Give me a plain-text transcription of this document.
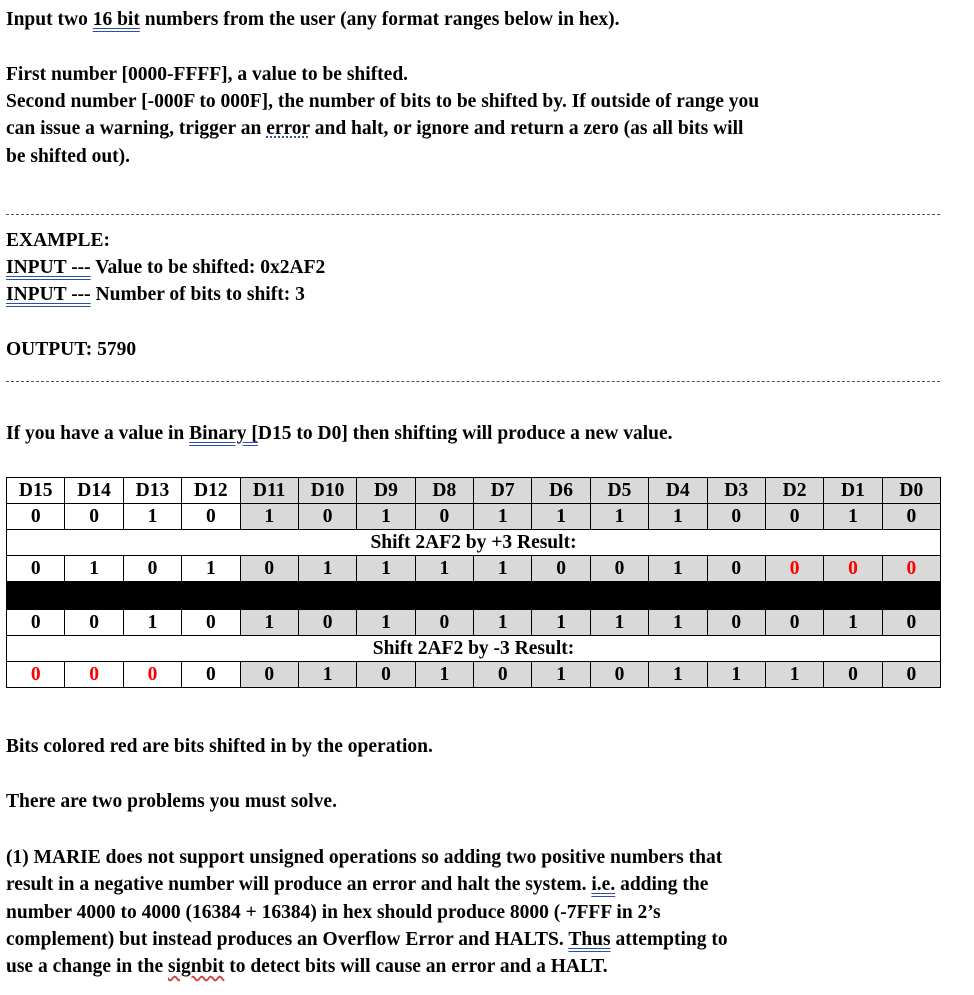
Input two 16 bit numbers from the user (any format ranges below in hex).
First number [0000-FFFF], a value to be shifted.
Second number [-000F to 000F], the number of bits to be shifted by. If outside of range you
can issue a warning, trigger an error and halt, or ignore and return a zero (as all bits will
be shifted out).
EXAMPLE:
INPUT --- Value to be shifted: 0x2AF2
INPUT --- Number of bits to shift: 3
OUTPUT: 5790
If you have a value in Binary [D15 to D0] then shifting will produce a new value.
D15	D14	D13	D12	D11	D10	D9	D8	D7	D6	D5	D4	D3	D2	D1	D0
0	0	1	0	1	0	1	0	1	1	1	1	0	0	1	0
Shift 2AF2 by +3 Result:															
0	1	0	1	0	1	1	1	1	0	0	1	0	0	0	0

0	0	1	0	1	0	1	0	1	1	1	1	0	0	1	0
Shift 2AF2 by -3 Result:															
0	0	0	0	0	1	0	1	0	1	0	1	1	1	0	0
Bits colored red are bits shifted in by the operation.
There are two problems you must solve.
(1) MARIE does not support unsigned operations so adding two positive numbers that
result in a negative number will produce an error and halt the system. i.e. adding the
number 4000 to 4000 (16384 + 16384) in hex should produce 8000 (-7FFF in 2’s
complement) but instead produces an Overflow Error and HALTS. Thus attempting to
use a change in the signbit to detect bits will cause an error and a HALT.
